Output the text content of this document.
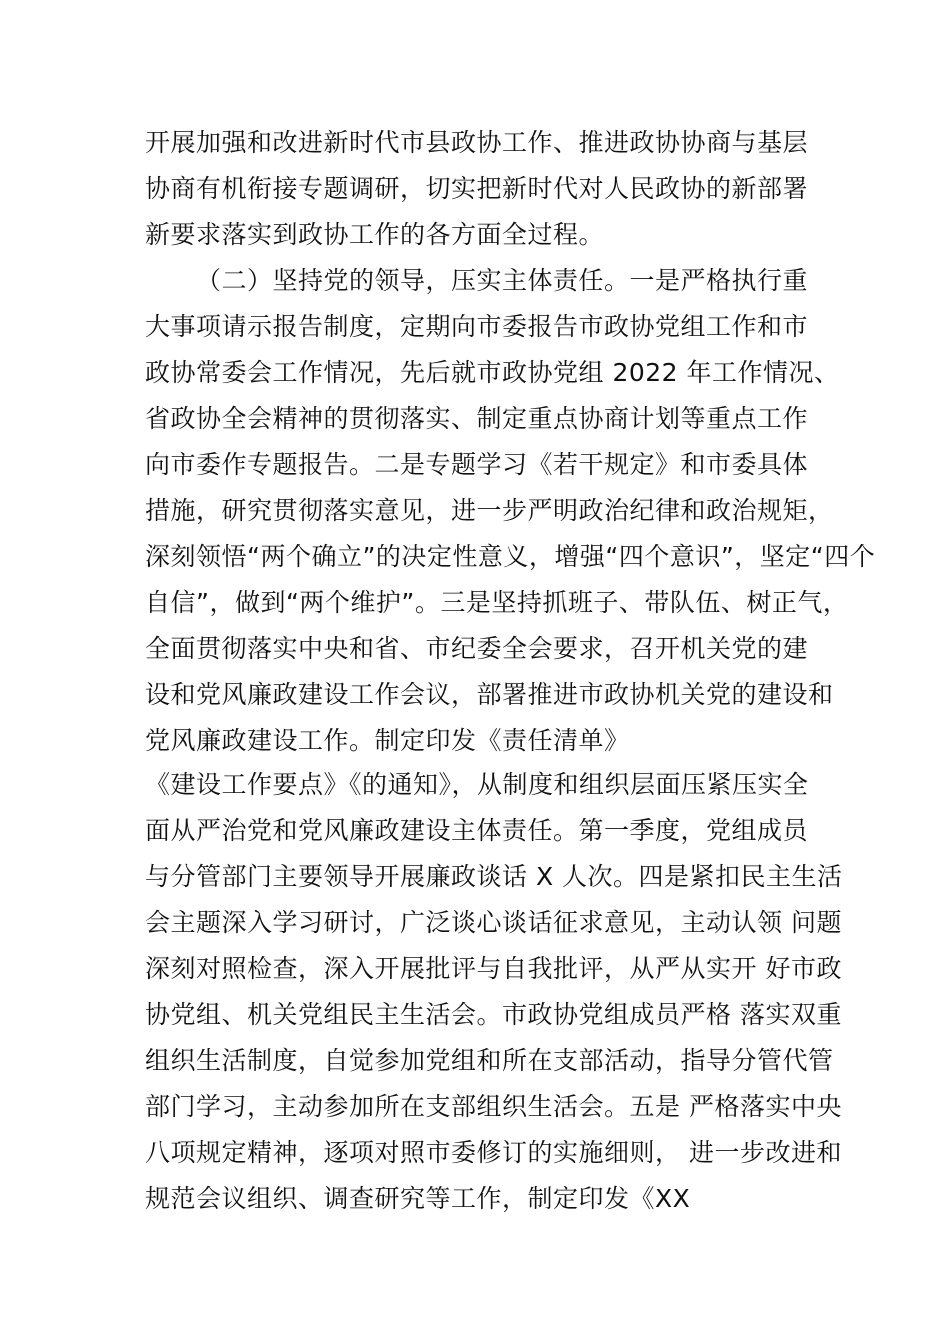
开展加强和改进新时代市县政协工作、推进政协协商与基层
协商有机衔接专题调研，切实把新时代对人民政协的新部署
新要求落实到政协工作的各方面全过程。
（二）坚持党的领导，压实主体责任。一是严格执行重
大事项请示报告制度，定期向市委报告市政协党组工作和市
政协常委会工作情况，先后就市政协党组 2022 年工作情况、
省政协全会精神的贯彻落实、制定重点协商计划等重点工作
向市委作专题报告。二是专题学习《若干规定》和市委具体
措施，研究贯彻落实意见，进一步严明政治纪律和政治规矩，
深刻领悟“两个确立”的决定性意义，增强“四个意识”，坚定“四个
自信”，做到“两个维护”。三是坚持抓班子、带队伍、树正气，
全面贯彻落实中央和省、市纪委全会要求，召开机关党的建
设和党风廉政建设工作会议，部署推进市政协机关党的建设和
党风廉政建设工作。制定印发《责任清单》
《建设工作要点》《的通知》，从制度和组织层面压紧压实全
面从严治党和党风廉政建设主体责任。第一季度，党组成员
与分管部门主要领导开展廉政谈话 X 人次。四是紧扣民主生活
会主题深入学习研讨，广泛谈心谈话征求意见，主动认领 问题
深刻对照检查，深入开展批评与自我批评，从严从实开 好市政
协党组、机关党组民主生活会。市政协党组成员严格 落实双重
组织生活制度，自觉参加党组和所在支部活动，指导分管代管
部门学习，主动参加所在支部组织生活会。五是 严格落实中央
八项规定精神，逐项对照市委修订的实施细则， 进一步改进和
规范会议组织、调查研究等工作，制定印发《XX
